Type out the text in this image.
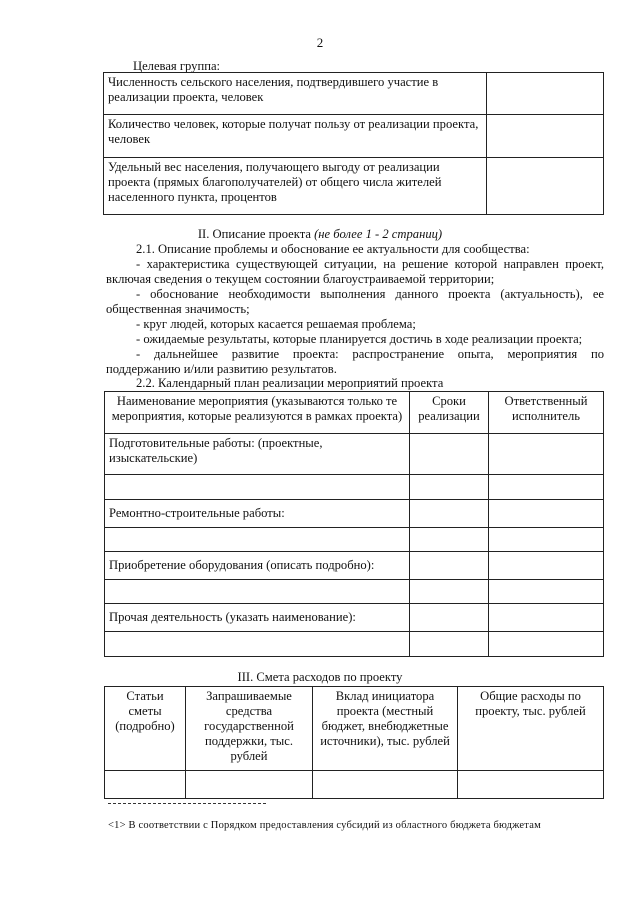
2
Целевая группа:
Численность сельского населения, подтвердившего участие в реализации проекта, человек	
Количество человек, которые получат пользу от реализации проекта, человек	
Удельный вес населения, получающего выгоду от реализации проекта (прямых благополучателей) от общего числа жителей населенного пункта, процентов	
II. Описание проекта (не более 1 - 2 страниц)
2.1. Описание проблемы и обоснование ее актуальности для сообщества:
- характеристика существующей ситуации, на решение которой направлен проект, включая сведения о текущем состоянии благоустраиваемой территории;
- обоснование необходимости выполнения данного проекта (актуальность), ее общественная значимость;
- круг людей, которых касается решаемая проблема;
- ожидаемые результаты, которые планируется достичь в ходе реализации проекта;
- дальнейшее развитие проекта: распространение опыта, мероприятия по поддержанию и/или развитию результатов.
2.2. Календарный план реализации мероприятий проекта
Наименование мероприятия (указываются только те мероприятия, которые реализуются в рамках проекта)	Сроки реализации	Ответственный исполнитель
Подготовительные работы: (проектные, изыскательские)		

Ремонтно-строительные работы:		

Приобретение оборудования (описать подробно):		

Прочая деятельность (указать наименование):		

III. Смета расходов по проекту
Статьи сметы (подробно)	Запрашиваемые средства государственной поддержки, тыс. рублей	Вклад инициатора проекта (местный бюджет, внебюджетные источники), тыс. рублей	Общие расходы по проекту, тыс. рублей

<1> В соответствии с Порядком предоставления субсидий из областного бюджета бюджетам
